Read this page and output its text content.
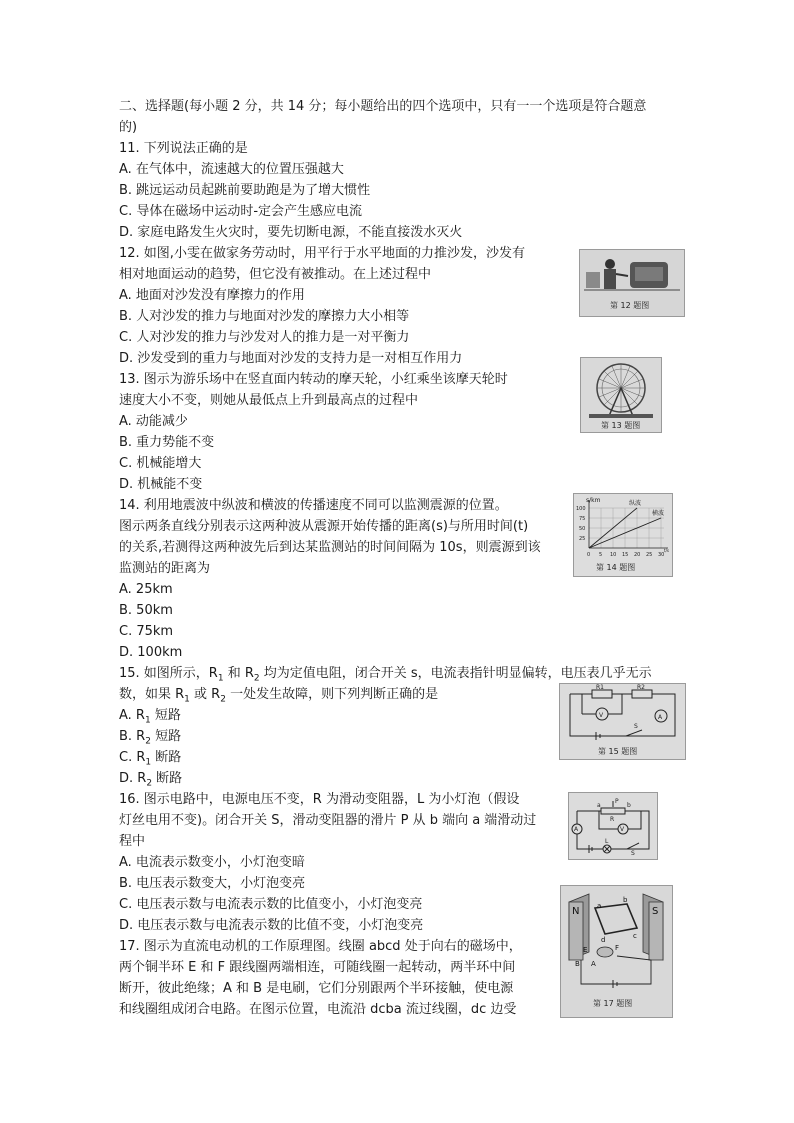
二、选择题(每小题 2 分，共 14 分；每小题给出的四个选项中，只有一一个选项是符合题意
的)
11. 下列说法正确的是
A. 在气体中，流速越大的位置压强越大
B. 跳远运动员起跳前要助跑是为了增大惯性
C. 导体在磁场中运动时-定会产生感应电流
D. 家庭电路发生火灾时，要先切断电源，不能直接泼水灭火
12. 如图,小雯在做家务劳动时，用平行于水平地面的力推沙发，沙发有
相对地面运动的趋势，但它没有被推动。在上述过程中
A. 地面对沙发没有摩擦力的作用
B. 人对沙发的推力与地面对沙发的摩擦力大小相等
C. 人对沙发的推力与沙发对人的推力是一对平衡力
D. 沙发受到的重力与地面对沙发的支持力是一对相互作用力
13. 图示为游乐场中在竖直面内转动的摩天轮，小红乘坐该摩天轮时
速度大小不变，则她从最低点上升到最高点的过程中
A. 动能减少
B. 重力势能不变
C. 机械能增大
D. 机械能不变
14. 利用地震波中纵波和横波的传播速度不同可以监测震源的位置。
图示两条直线分别表示这两种波从震源开始传播的距离(s)与所用时间(t)
的关系,若测得这两种波先后到达某监测站的时间间隔为 10s，则震源到该
监测站的距离为
A. 25km
B. 50km
C. 75km
D. 100km
15. 如图所示，$R_1$ 和 $R_2$ 均为定值电阻，闭合开关 s，电流表指针明显偏转，电压表几乎无示
数，如果 $R_1$ 或 $R_2$ 一处发生故障，则下列判断正确的是
A. $R_1$ 短路
B. $R_2$ 短路
C. $R_1$ 断路
D. $R_2$ 断路
16. 图示电路中，电源电压不变，R 为滑动变阻器，L 为小灯泡（假设
灯丝电用不变)。闭合开关 S，滑动变阻器的滑片 P 从 b 端向 a 端滑动过
程中
A. 电流表示数变小，小灯泡变暗
B. 电压表示数变大，小灯泡变亮
C. 电压表示数与电流表示数的比值变小，小灯泡变亮
D. 电压表示数与电流表示数的比值不变，小灯泡变亮
17. 图示为直流电动机的工作原理图。线圈 abcd 处于向右的磁场中，
两个铜半环 E 和 F 跟线圈两端相连，可随线圈一起转动，两半环中间
断开，彼此绝缘；A 和 B 是电刷，它们分别跟两个半环接触，使电源
和线圈组成闭合电路。在图示位置，电流沿 dcba 流过线圈，dc 边受
第 12 题图
第 13 题图
s/km
100
75
50
25
纵波
横波
0 5 10 15 20 25 30
t/s
第 14 题图
R1	R2
V	A
S
第 15 题图
P
a	b
R
V
A
L
S
N	S
a
b
c
d
E	F
A
B
第 17 题图
